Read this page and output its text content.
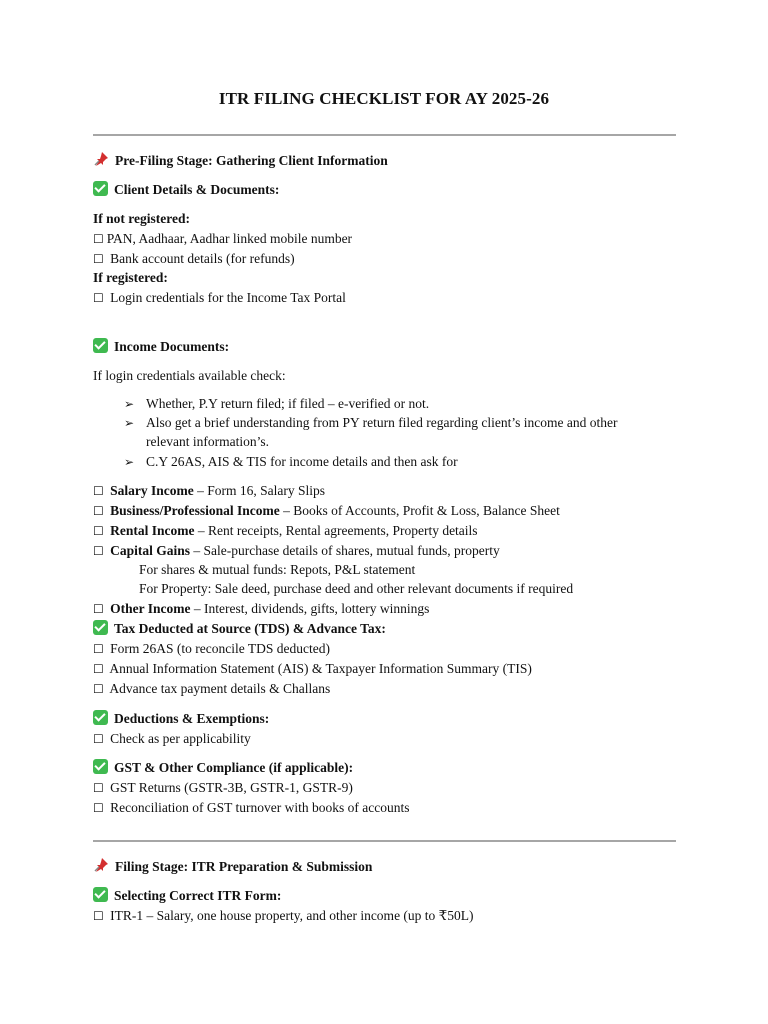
ITR FILING CHECKLIST FOR AY 2025-26
Pre-Filing Stage: Gathering Client Information
Client Details & Documents:
If not registered:
☐ PAN, Aadhaar, Aadhar linked mobile number
☐ Bank account details (for refunds)
If registered:
☐ Login credentials for the Income Tax Portal
Income Documents:
If login credentials available check:
➢ Whether, P.Y return filed; if filed – e-verified or not.
➢ Also get a brief understanding from PY return filed regarding client’s income and other
relevant information’s.
➢ C.Y 26AS, AIS & TIS for income details and then ask for
☐ Salary Income – Form 16, Salary Slips
☐ Business/Professional Income – Books of Accounts, Profit & Loss, Balance Sheet
☐ Rental Income – Rent receipts, Rental agreements, Property details
☐ Capital Gains – Sale-purchase details of shares, mutual funds, property
For shares & mutual funds: Repots, P&L statement
For Property: Sale deed, purchase deed and other relevant documents if required
☐ Other Income – Interest, dividends, gifts, lottery winnings
Tax Deducted at Source (TDS) & Advance Tax:
☐ Form 26AS (to reconcile TDS deducted)
☐ Annual Information Statement (AIS) & Taxpayer Information Summary (TIS)
☐ Advance tax payment details & Challans
Deductions & Exemptions:
☐ Check as per applicability
GST & Other Compliance (if applicable):
☐ GST Returns (GSTR-3B, GSTR-1, GSTR-9)
☐ Reconciliation of GST turnover with books of accounts
Filing Stage: ITR Preparation & Submission
Selecting Correct ITR Form:
☐ ITR-1 – Salary, one house property, and other income (up to ₹50L)
